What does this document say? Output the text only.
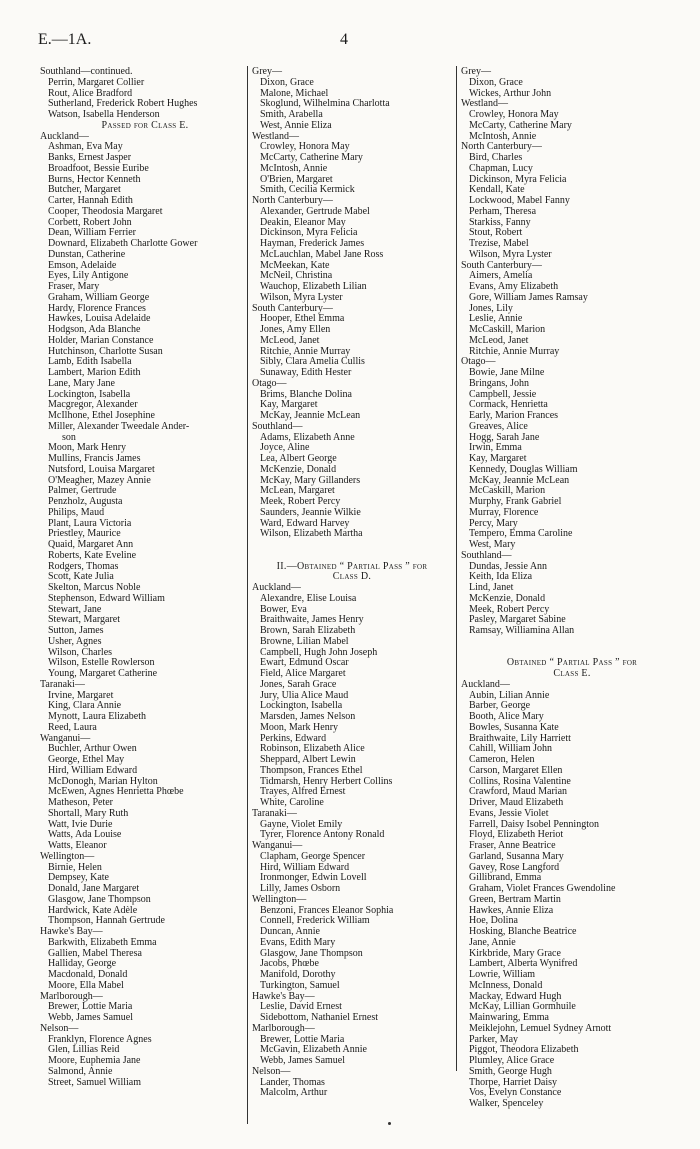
E.—1A.	4
Southland—continued.
Perrin, Margaret Collier
Rout, Alice Bradford
Sutherland, Frederick Robert Hughes
Watson, Isabella Henderson
Passed for Class E.
Auckland—
Ashman, Eva May
Banks, Ernest Jasper
Broadfoot, Bessie Euribe
Burns, Hector Kenneth
Butcher, Margaret
Carter, Hannah Edith
Cooper, Theodosia Margaret
Corbett, Robert John
Dean, William Ferrier
Downard, Elizabeth Charlotte Gower
Dunstan, Catherine
Emson, Adelaide
Eyes, Lily Antigone
Fraser, Mary
Graham, William George
Hardy, Florence Frances
Hawkes, Louisa Adelaide
Hodgson, Ada Blanche
Holder, Marian Constance
Hutchinson, Charlotte Susan
Lamb, Edith Isabella
Lambert, Marion Edith
Lane, Mary Jane
Lockington, Isabella
Macgregor, Alexander
McIlhone, Ethel Josephine
Miller, Alexander Tweedale Ander-
son
Moon, Mark Henry
Mullins, Francis James
Nutsford, Louisa Margaret
O'Meagher, Mazey Annie
Palmer, Gertrude
Penzholz, Augusta
Philips, Maud
Plant, Laura Victoria
Priestley, Maurice
Quaid, Margaret Ann
Roberts, Kate Eveline
Rodgers, Thomas
Scott, Kate Julia
Skelton, Marcus Noble
Stephenson, Edward William
Stewart, Jane
Stewart, Margaret
Sutton, James
Usher, Agnes
Wilson, Charles
Wilson, Estelle Rowlerson
Young, Margaret Catherine
Taranaki—
Irvine, Margaret
King, Clara Annie
Mynott, Laura Elizabeth
Reed, Laura
Wanganui—
Buchler, Arthur Owen
George, Ethel May
Hird, William Edward
McDonogh, Marian Hylton
McEwen, Agnes Henrietta Phœbe
Matheson, Peter
Shortall, Mary Ruth
Watt, Ivie Durie
Watts, Ada Louise
Watts, Eleanor
Wellington—
Birnie, Helen
Dempsey, Kate
Donald, Jane Margaret
Glasgow, Jane Thompson
Hardwick, Kate Adèle
Thompson, Hannah Gertrude
Hawke's Bay—
Barkwith, Elizabeth Emma
Gallien, Mabel Theresa
Halliday, George
Macdonald, Donald
Moore, Ella Mabel
Marlborough—
Brewer, Lottie Maria
Webb, James Samuel
Nelson—
Franklyn, Florence Agnes
Glen, Lillias Reid
Moore, Euphemia Jane
Salmond, Annie
Street, Samuel William
Grey—
Dixon, Grace
Malone, Michael
Skoglund, Wilhelmina Charlotta
Smith, Arabella
West, Annie Eliza
Westland—
Crowley, Honora May
McCarty, Catherine Mary
McIntosh, Annie
O'Brien, Margaret
Smith, Cecilia Kermick
North Canterbury—
Alexander, Gertrude Mabel
Deakin, Eleanor May
Dickinson, Myra Felicia
Hayman, Frederick James
McLauchlan, Mabel Jane Ross
McMeekan, Kate
McNeil, Christina
Wauchop, Elizabeth Lilian
Wilson, Myra Lyster
South Canterbury—
Hooper, Ethel Emma
Jones, Amy Ellen
McLeod, Janet
Ritchie, Annie Murray
Sibly, Clara Amelia Cullis
Sunaway, Edith Hester
Otago—
Brims, Blanche Dolina
Kay, Margaret
McKay, Jeannie McLean
Southland—
Adams, Elizabeth Anne
Joyce, Aline
Lea, Albert George
McKenzie, Donald
McKay, Mary Gillanders
McLean, Margaret
Meek, Robert Percy
Saunders, Jeannie Wilkie
Ward, Edward Harvey
Wilson, Elizabeth Martha
II.—Obtained “ Partial Pass ” for
Class D.
Auckland—
Alexandre, Elise Louisa
Bower, Eva
Braithwaite, James Henry
Brown, Sarah Elizabeth
Browne, Lilian Mabel
Campbell, Hugh John Joseph
Ewart, Edmund Oscar
Field, Alice Margaret
Jones, Sarah Grace
Jury, Ulia Alice Maud
Lockington, Isabella
Marsden, James Nelson
Moon, Mark Henry
Perkins, Edward
Robinson, Elizabeth Alice
Sheppard, Albert Lewin
Thompson, Frances Ethel
Tidmarsh, Henry Herbert Collins
Trayes, Alfred Ernest
White, Caroline
Taranaki—
Gayne, Violet Emily
Tyrer, Florence Antony Ronald
Wanganui—
Clapham, George Spencer
Hird, William Edward
Ironmonger, Edwin Lovell
Lilly, James Osborn
Wellington—
Benzoni, Frances Eleanor Sophia
Connell, Frederick William
Duncan, Annie
Evans, Edith Mary
Glasgow, Jane Thompson
Jacobs, Phœbe
Manifold, Dorothy
Turkington, Samuel
Hawke's Bay—
Leslie, David Ernest
Sidebottom, Nathaniel Ernest
Marlborough—
Brewer, Lottie Maria
McGavin, Elizabeth Annie
Webb, James Samuel
Nelson—
Lander, Thomas
Malcolm, Arthur
Grey—
Dixon, Grace
Wickes, Arthur John
Westland—
Crowley, Honora May
McCarty, Catherine Mary
McIntosh, Annie
North Canterbury—
Bird, Charles
Chapman, Lucy
Dickinson, Myra Felicia
Kendall, Kate
Lockwood, Mabel Fanny
Perham, Theresa
Starkiss, Fanny
Stout, Robert
Trezise, Mabel
Wilson, Myra Lyster
South Canterbury—
Aimers, Amelia
Evans, Amy Elizabeth
Gore, William James Ramsay
Jones, Lily
Leslie, Annie
McCaskill, Marion
McLeod, Janet
Ritchie, Annie Murray
Otago—
Bowie, Jane Milne
Bringans, John
Campbell, Jessie
Cormack, Henrietta
Early, Marion Frances
Greaves, Alice
Hogg, Sarah Jane
Irwin, Emma
Kay, Margaret
Kennedy, Douglas William
McKay, Jeannie McLean
McCaskill, Marion
Murphy, Frank Gabriel
Murray, Florence
Percy, Mary
Tempero, Emma Caroline
West, Mary
Southland—
Dundas, Jessie Ann
Keith, Ida Eliza
Lind, Janet
McKenzie, Donald
Meek, Robert Percy
Pasley, Margaret Sabine
Ramsay, Williamina Allan
Obtained “ Partial Pass ” for
Class E.
Auckland—
Aubin, Lilian Annie
Barber, George
Booth, Alice Mary
Bowles, Susanna Kate
Braithwaite, Lily Harriett
Cahill, William John
Cameron, Helen
Carson, Margaret Ellen
Collins, Rosina Valentine
Crawford, Maud Marian
Driver, Maud Elizabeth
Evans, Jessie Violet
Farrell, Daisy Isobel Pennington
Floyd, Elizabeth Heriot
Fraser, Anne Beatrice
Garland, Susanna Mary
Gavey, Rose Langford
Gillibrand, Emma
Graham, Violet Frances Gwendoline
Green, Bertram Martin
Hawkes, Annie Eliza
Hoe, Dolina
Hosking, Blanche Beatrice
Jane, Annie
Kirkbride, Mary Grace
Lambert, Alberta Wynifred
Lowrie, William
McInness, Donald
Mackay, Edward Hugh
McKay, Lillian Gormhuile
Mainwaring, Emma
Meiklejohn, Lemuel Sydney Arnott
Parker, May
Piggot, Theodora Elizabeth
Plumley, Alice Grace
Smith, George Hugh
Thorpe, Harriet Daisy
Vos, Evelyn Constance
Walker, Spenceley
